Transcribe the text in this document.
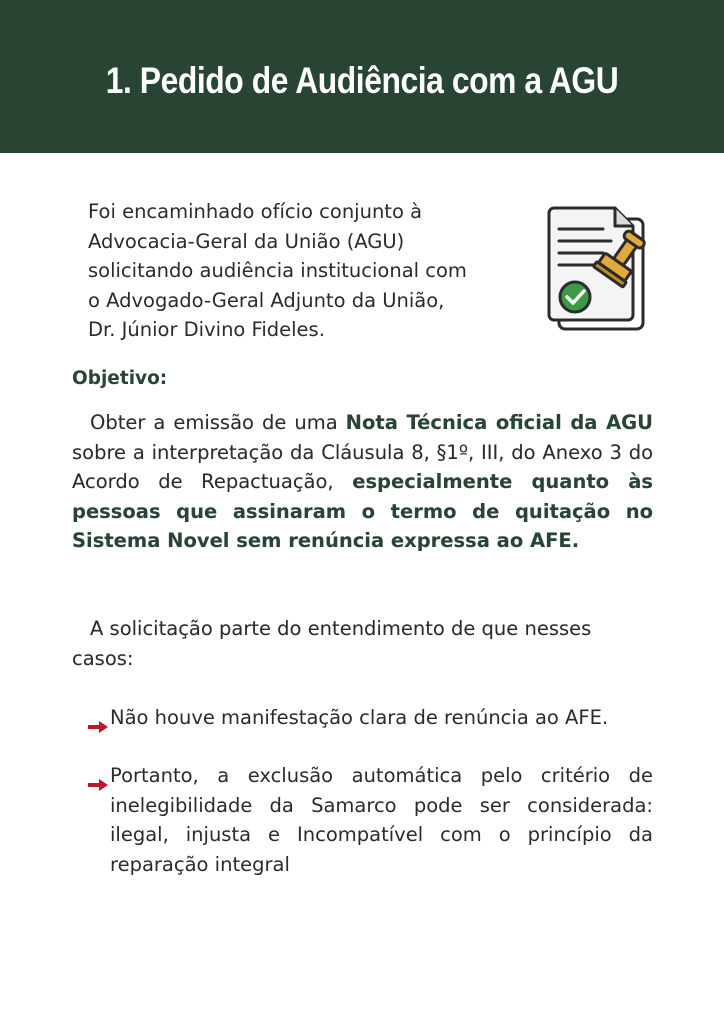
1. Pedido de Audiência com a AGU
Foi encaminhado ofício conjunto à
Advocacia-Geral da União (AGU)
solicitando audiência institucional com
o Advogado-Geral Adjunto da União,
Dr. Júnior Divino Fideles.
Objetivo:
Obter a emissão de uma Nota Técnica oficial da AGU sobre a interpretação da Cláusula 8, §1º, III, do Anexo 3 do Acordo de Repactuação, especialmente quanto às pessoas que assinaram o termo de quitação no Sistema Novel sem renúncia expressa ao AFE.
A solicitação parte do entendimento de que nesses casos:
Não houve manifestação clara de renúncia ao AFE.
Portanto, a exclusão automática pelo critério de inelegibilidade da Samarco pode ser considerada: ilegal, injusta e Incompatível com o princípio da reparação integral
